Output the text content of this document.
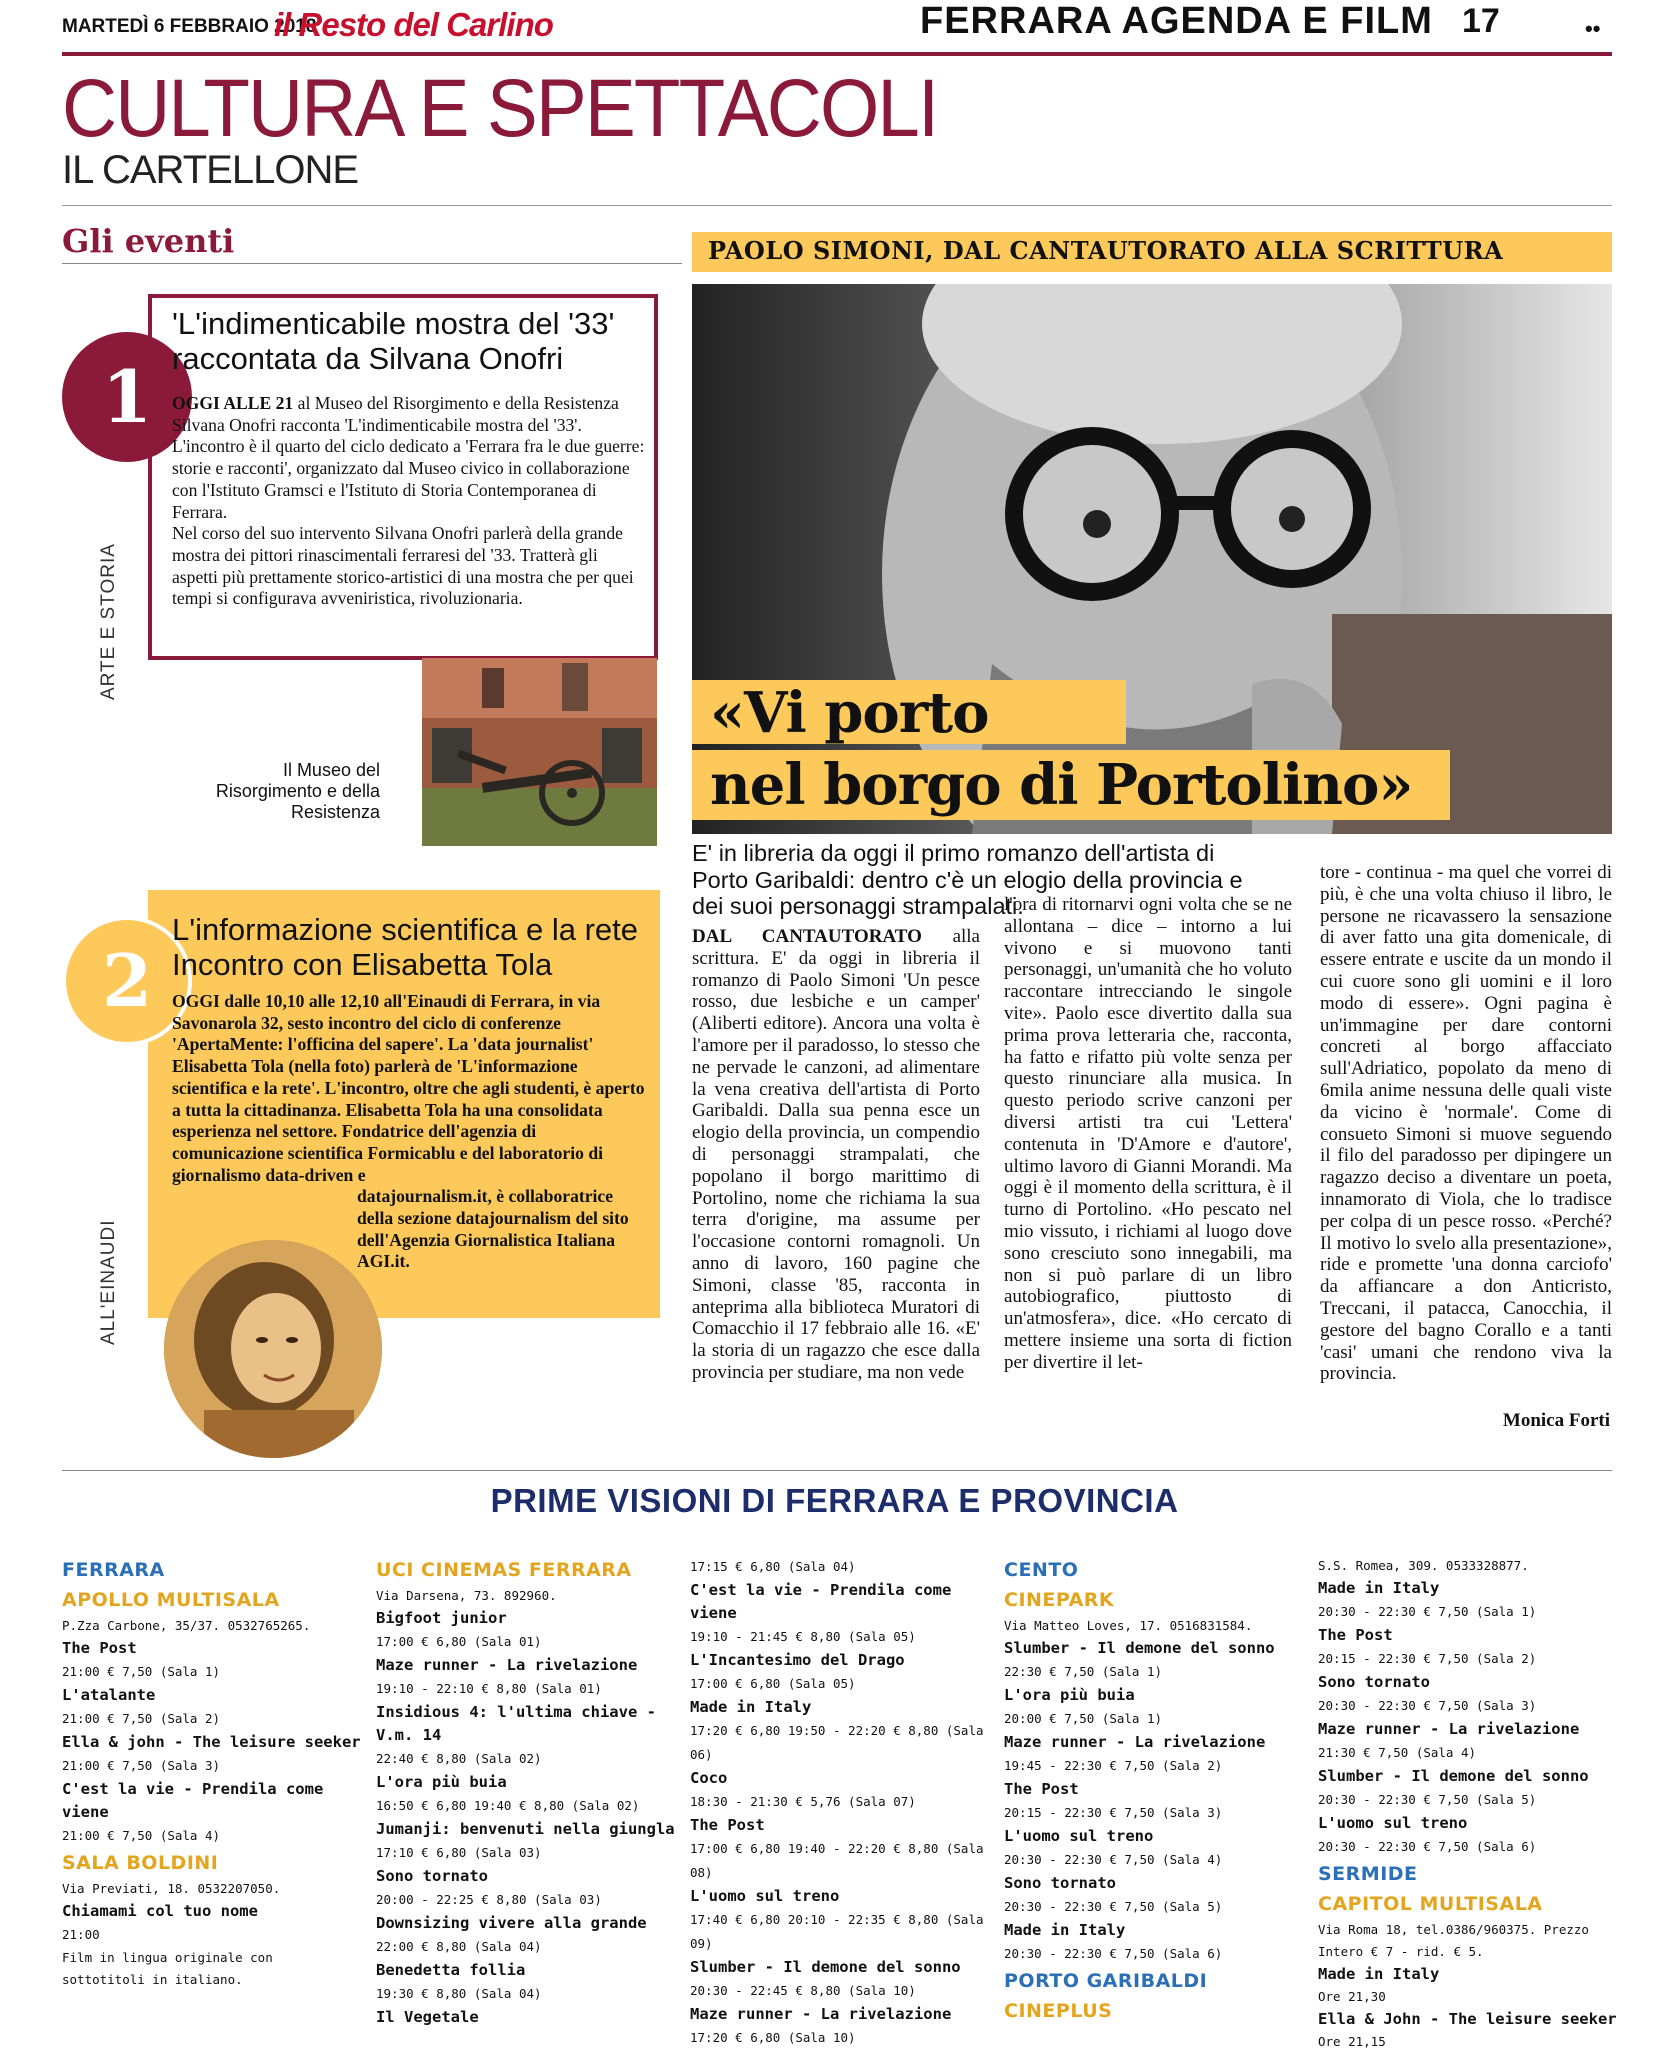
MARTEDÌ 6 FEBBRAIO 2018
il Resto del Carlino	FERRARA AGENDA E FILM 17	••
CULTURA E SPETTACOLI
IL CARTELLONE
Gli eventi
1
'L'indimenticabile mostra del '33' raccontata da Silvana Onofri
OGGI ALLE 21 al Museo del Risorgimento e della Resistenza Silvana Onofri racconta 'L'indimenticabile mostra del '33'. L'incontro è il quarto del ciclo dedicato a 'Ferrara fra le due guerre: storie e racconti', organizzato dal Museo civico in collaborazione con l'Istituto Gramsci e l'Istituto di Storia Contemporanea di Ferrara.
Nel corso del suo intervento Silvana Onofri parlerà della grande mostra dei pittori rinascimentali ferraresi del '33. Tratterà gli aspetti più prettamente storico-artistici di una mostra che per quei tempi si configurava avveniristica, rivoluzionaria.
ARTE E STORIA
Il Museo del Risorgimento e della Resistenza
2
L'informazione scientifica e la rete Incontro con Elisabetta Tola
OGGI dalle 10,10 alle 12,10 all'Einaudi di Ferrara, in via Savonarola 32, sesto incontro del ciclo di conferenze 'ApertaMente: l'officina del sapere'. La 'data journalist' Elisabetta Tola (nella foto) parlerà de 'L'informazione scientifica e la rete'. L'incontro, oltre che agli studenti, è aperto a tutta la cittadinanza. Elisabetta Tola ha una consolidata esperienza nel settore. Fondatrice dell'agenzia di comunicazione scientifica Formicablu e del laboratorio di giornalismo data-driven e
datajournalism.it, è collaboratrice della sezione datajournalism del sito dell'Agenzia Giornalistica Italiana AGI.it.
ALL'EINAUDI
PAOLO SIMONI, DAL CANTAUTORATO ALLA SCRITTURA
«Vi porto
nel borgo di Portolino»
E' in libreria da oggi il primo romanzo dell'artista di Porto Garibaldi: dentro c'è un elogio della provincia e dei suoi personaggi strampalati.
DAL CANTAUTORATO alla scrittura. E' da oggi in libreria il romanzo di Paolo Simoni 'Un pesce rosso, due lesbiche e un camper' (Aliberti editore). Ancora una volta è l'amore per il paradosso, lo stesso che ne pervade le canzoni, ad alimentare la vena creativa dell'artista di Porto Garibaldi. Dalla sua penna esce un elogio della provincia, un compendio di personaggi strampalati, che popolano il borgo marittimo di Portolino, nome che richiama la sua terra d'origine, ma assume per l'occasione contorni romagnoli. Un anno di lavoro, 160 pagine che Simoni, classe '85, racconta in anteprima alla biblioteca Muratori di Comacchio il 17 febbraio alle 16. «E' la storia di un ragazzo che esce dalla provincia per studiare, ma non vede
l'ora di ritornarvi ogni volta che se ne allontana – dice – intorno a lui vivono e si muovono tanti personaggi, un'umanità che ho voluto raccontare intrecciando le singole vite». Paolo esce divertito dalla sua prima prova letteraria che, racconta, ha fatto e rifatto più volte senza per questo rinunciare alla musica. In questo periodo scrive canzoni per diversi artisti tra cui 'Lettera' contenuta in 'D'Amore e d'autore', ultimo lavoro di Gianni Morandi. Ma oggi è il momento della scrittura, è il turno di Portolino. «Ho pescato nel mio vissuto, i richiami al luogo dove sono cresciuto sono innegabili, ma non si può parlare di un libro autobiografico, piuttosto di un'atmosfera», dice. «Ho cercato di mettere insieme una sorta di fiction per divertire il let-
tore - continua - ma quel che vorrei di più, è che una volta chiuso il libro, le persone ne ricavassero la sensazione di aver fatto una gita domenicale, di essere entrate e uscite da un mondo il cui cuore sono gli uomini e il loro modo di essere». Ogni pagina è un'immagine per dare contorni concreti al borgo affacciato sull'Adriatico, popolato da meno di 6mila anime nessuna delle quali viste da vicino è 'normale'. Come di consueto Simoni si muove seguendo il filo del paradosso per dipingere un ragazzo deciso a diventare un poeta, innamorato di Viola, che lo tradisce per colpa di un pesce rosso. «Perché? Il motivo lo svelo alla presentazione», ride e promette 'una donna carciofo' da affiancare a don Anticristo, Treccani, il patacca, Canocchia, il gestore del bagno Corallo e a tanti 'casi' umani che rendono viva la provincia.
Monica Forti
PRIME VISIONI DI FERRARA E PROVINCIA
FERRARA
APOLLO MULTISALA
P.Zza Carbone, 35/37. 0532765265.
The Post
21:00 € 7,50 (Sala 1)
L'atalante
21:00 € 7,50 (Sala 2)
Ella & john - The leisure seeker
21:00 € 7,50 (Sala 3)
C'est la vie - Prendila come viene
21:00 € 7,50 (Sala 4)
SALA BOLDINI
Via Previati, 18. 0532207050.
Chiamami col tuo nome
21:00
Film in lingua originale con sottotitoli in italiano.
UCI CINEMAS FERRARA
Via Darsena, 73. 892960.
Bigfoot junior
17:00 € 6,80 (Sala 01)
Maze runner - La rivelazione
19:10 - 22:10 € 8,80 (Sala 01)
Insidious 4: l'ultima chiave - V.m. 14
22:40 € 8,80 (Sala 02)
L'ora più buia
16:50 € 6,80 19:40 € 8,80 (Sala 02)
Jumanji: benvenuti nella giungla
17:10 € 6,80 (Sala 03)
Sono tornato
20:00 - 22:25 € 8,80 (Sala 03)
Downsizing vivere alla grande
22:00 € 8,80 (Sala 04)
Benedetta follia
19:30 € 8,80 (Sala 04)
Il Vegetale
17:15 € 6,80 (Sala 04)
C'est la vie - Prendila come viene
19:10 - 21:45 € 8,80 (Sala 05)
L'Incantesimo del Drago
17:00 € 6,80 (Sala 05)
Made in Italy
17:20 € 6,80 19:50 - 22:20 € 8,80 (Sala 06)
Coco
18:30 - 21:30 € 5,76 (Sala 07)
The Post
17:00 € 6,80 19:40 - 22:20 € 8,80 (Sala 08)
L'uomo sul treno
17:40 € 6,80 20:10 - 22:35 € 8,80 (Sala 09)
Slumber - Il demone del sonno
20:30 - 22:45 € 8,80 (Sala 10)
Maze runner - La rivelazione
17:20 € 6,80 (Sala 10)
CENTO
CINEPARK
Via Matteo Loves, 17. 0516831584.
Slumber - Il demone del sonno
22:30 € 7,50 (Sala 1)
L'ora più buia
20:00 € 7,50 (Sala 1)
Maze runner - La rivelazione
19:45 - 22:30 € 7,50 (Sala 2)
The Post
20:15 - 22:30 € 7,50 (Sala 3)
L'uomo sul treno
20:30 - 22:30 € 7,50 (Sala 4)
Sono tornato
20:30 - 22:30 € 7,50 (Sala 5)
Made in Italy
20:30 - 22:30 € 7,50 (Sala 6)
PORTO GARIBALDI
CINEPLUS
S.S. Romea, 309. 0533328877.
Made in Italy
20:30 - 22:30 € 7,50 (Sala 1)
The Post
20:15 - 22:30 € 7,50 (Sala 2)
Sono tornato
20:30 - 22:30 € 7,50 (Sala 3)
Maze runner - La rivelazione
21:30 € 7,50 (Sala 4)
Slumber - Il demone del sonno
20:30 - 22:30 € 7,50 (Sala 5)
L'uomo sul treno
20:30 - 22:30 € 7,50 (Sala 6)
SERMIDE
CAPITOL MULTISALA
Via Roma 18, tel.0386/960375. Prezzo Intero € 7 - rid. € 5.
Made in Italy
Ore 21,30
Ella & John - The leisure seeker
Ore 21,15
